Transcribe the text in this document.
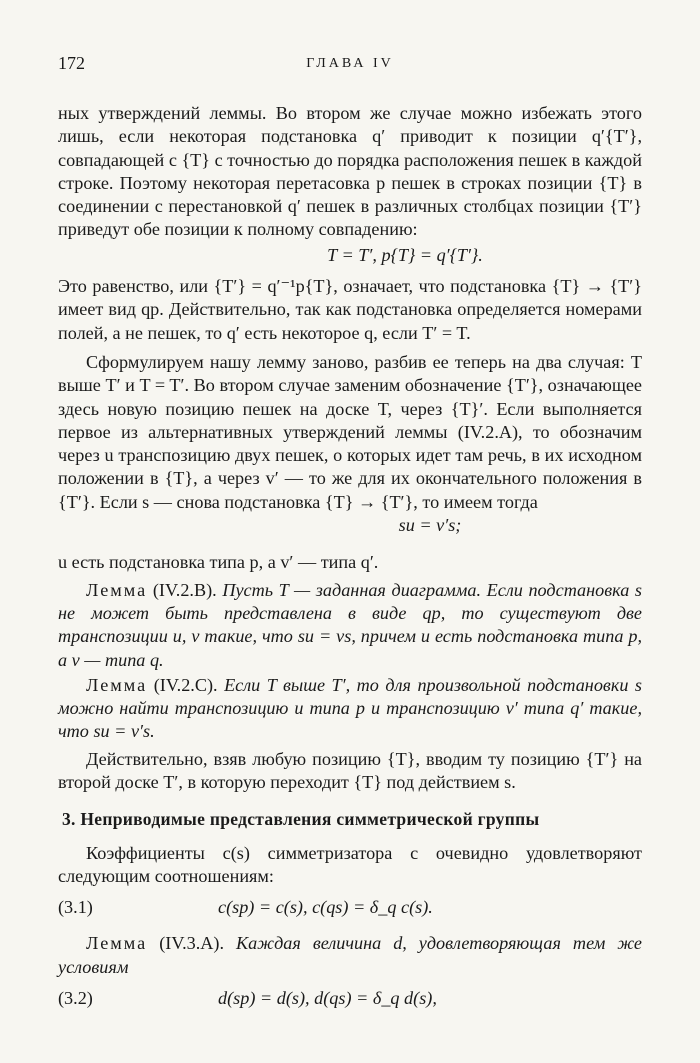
172	ГЛАВА IV

ных утверждений леммы. Во втором же случае можно избежать этого лишь, если некоторая подстановка q′ приводит к позиции q′{T′}, совпадающей с {T} с точностью до порядка расположения пешек в каждой строке. Поэтому некоторая перетасовка p пешек в строках позиции {T} в соединении с перестановкой q′ пешек в различных столбцах позиции {T′} приведут обе позиции к полному совпадению:

T = T′, p{T} = q′{T′}.

Это равенство, или {T′} = q′⁻¹p{T}, означает, что подстановка {T} → {T′} имеет вид qp. Действительно, так как подстановка определяется номерами полей, а не пешек, то q′ есть некоторое q, если T′ = T.

Сформулируем нашу лемму заново, разбив ее теперь на два случая: T выше T′ и T = T′. Во втором случае заменим обозначение {T′}, означающее здесь новую позицию пешек на доске T, через {T}′. Если выполняется первое из альтернативных утверждений леммы (IV.2.A), то обозначим через u транспозицию двух пешек, о которых идет там речь, в их исходном положении в {T}, а через v′ — то же для их окончательного положения в {T′}. Если s — снова подстановка {T} → {T′}, то имеем тогда

su = v′s;

u есть подстановка типа p, а v′ — типа q′.

Лемма (IV.2.B). Пусть T — заданная диаграмма. Если подстановка s не может быть представлена в виде qp, то существуют две транспозиции u, v такие, что su = vs, причем u есть подстановка типа p, а v — типа q.

Лемма (IV.2.C). Если T выше T′, то для произвольной подстановки s можно найти транспозицию u типа p и транспозицию v′ типа q′ такие, что su = v′s.

Действительно, взяв любую позицию {T}, вводим ту позицию {T′} на второй доске T′, в которую переходит {T} под действием s.

3. Неприводимые представления симметрической группы

Коэффициенты c(s) симметризатора c очевидно удовлетворяют следующим соотношениям:

(3.1)	c(sp) = c(s), c(qs) = δ_q c(s).

Лемма (IV.3.A). Каждая величина d, удовлетворяющая тем же условиям

(3.2)	d(sp) = d(s), d(qs) = δ_q d(s),
